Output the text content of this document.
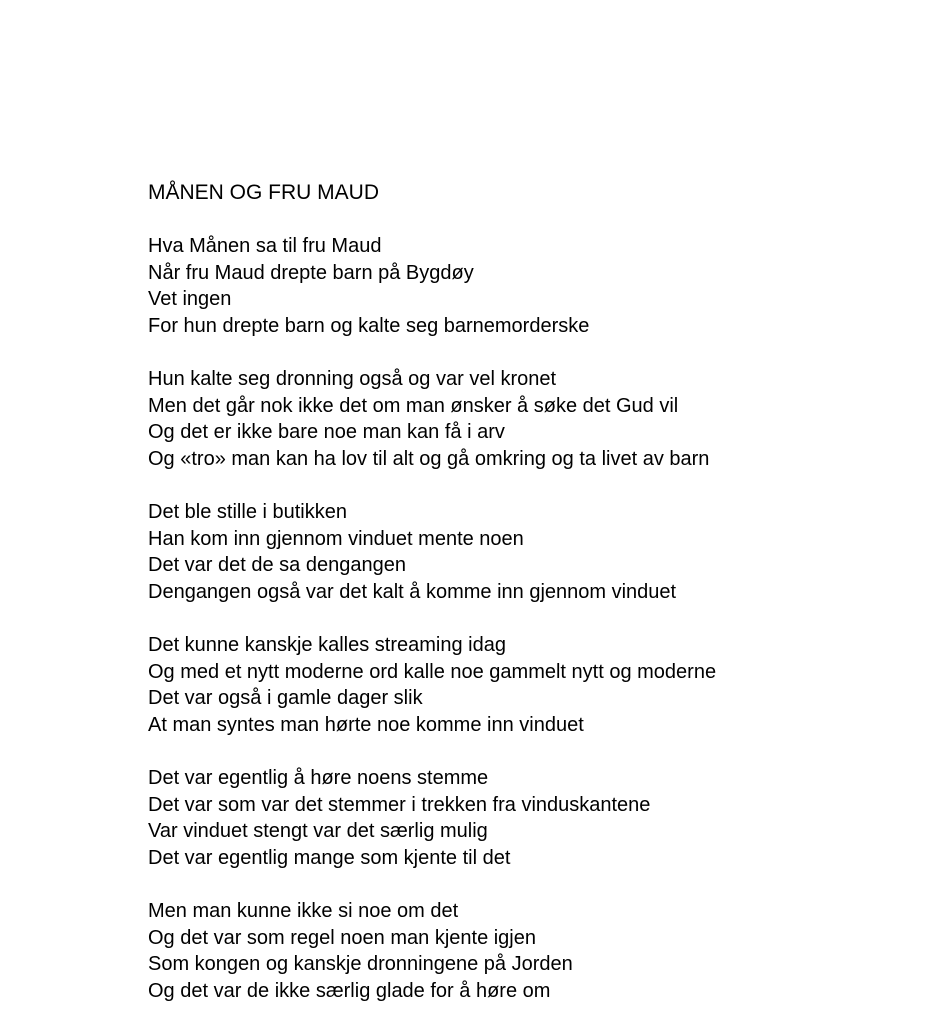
MÅNEN OG FRU MAUD
Hva Månen sa til fru Maud
Når fru Maud drepte barn på Bygdøy
Vet ingen
For hun drepte barn og kalte seg barnemorderske
Hun kalte seg dronning også og var vel kronet
Men det går nok ikke det om man ønsker å søke det Gud vil
Og det er ikke bare noe man kan få i arv
Og «tro» man kan ha lov til alt og gå omkring og ta livet av barn
Det ble stille i butikken
Han kom inn gjennom vinduet mente noen
Det var det de sa dengangen
Dengangen også var det kalt å komme inn gjennom vinduet
Det kunne kanskje kalles streaming idag
Og med et nytt moderne ord kalle noe gammelt nytt og moderne
Det var også i gamle dager slik
At man syntes man hørte noe komme inn vinduet
Det var egentlig å høre noens stemme
Det var som var det stemmer i trekken fra vinduskantene
Var vinduet stengt var det særlig mulig
Det var egentlig mange som kjente til det
Men man kunne ikke si noe om det
Og det var som regel noen man kjente igjen
Som kongen og kanskje dronningene på Jorden
Og det var de ikke særlig glade for å høre om
